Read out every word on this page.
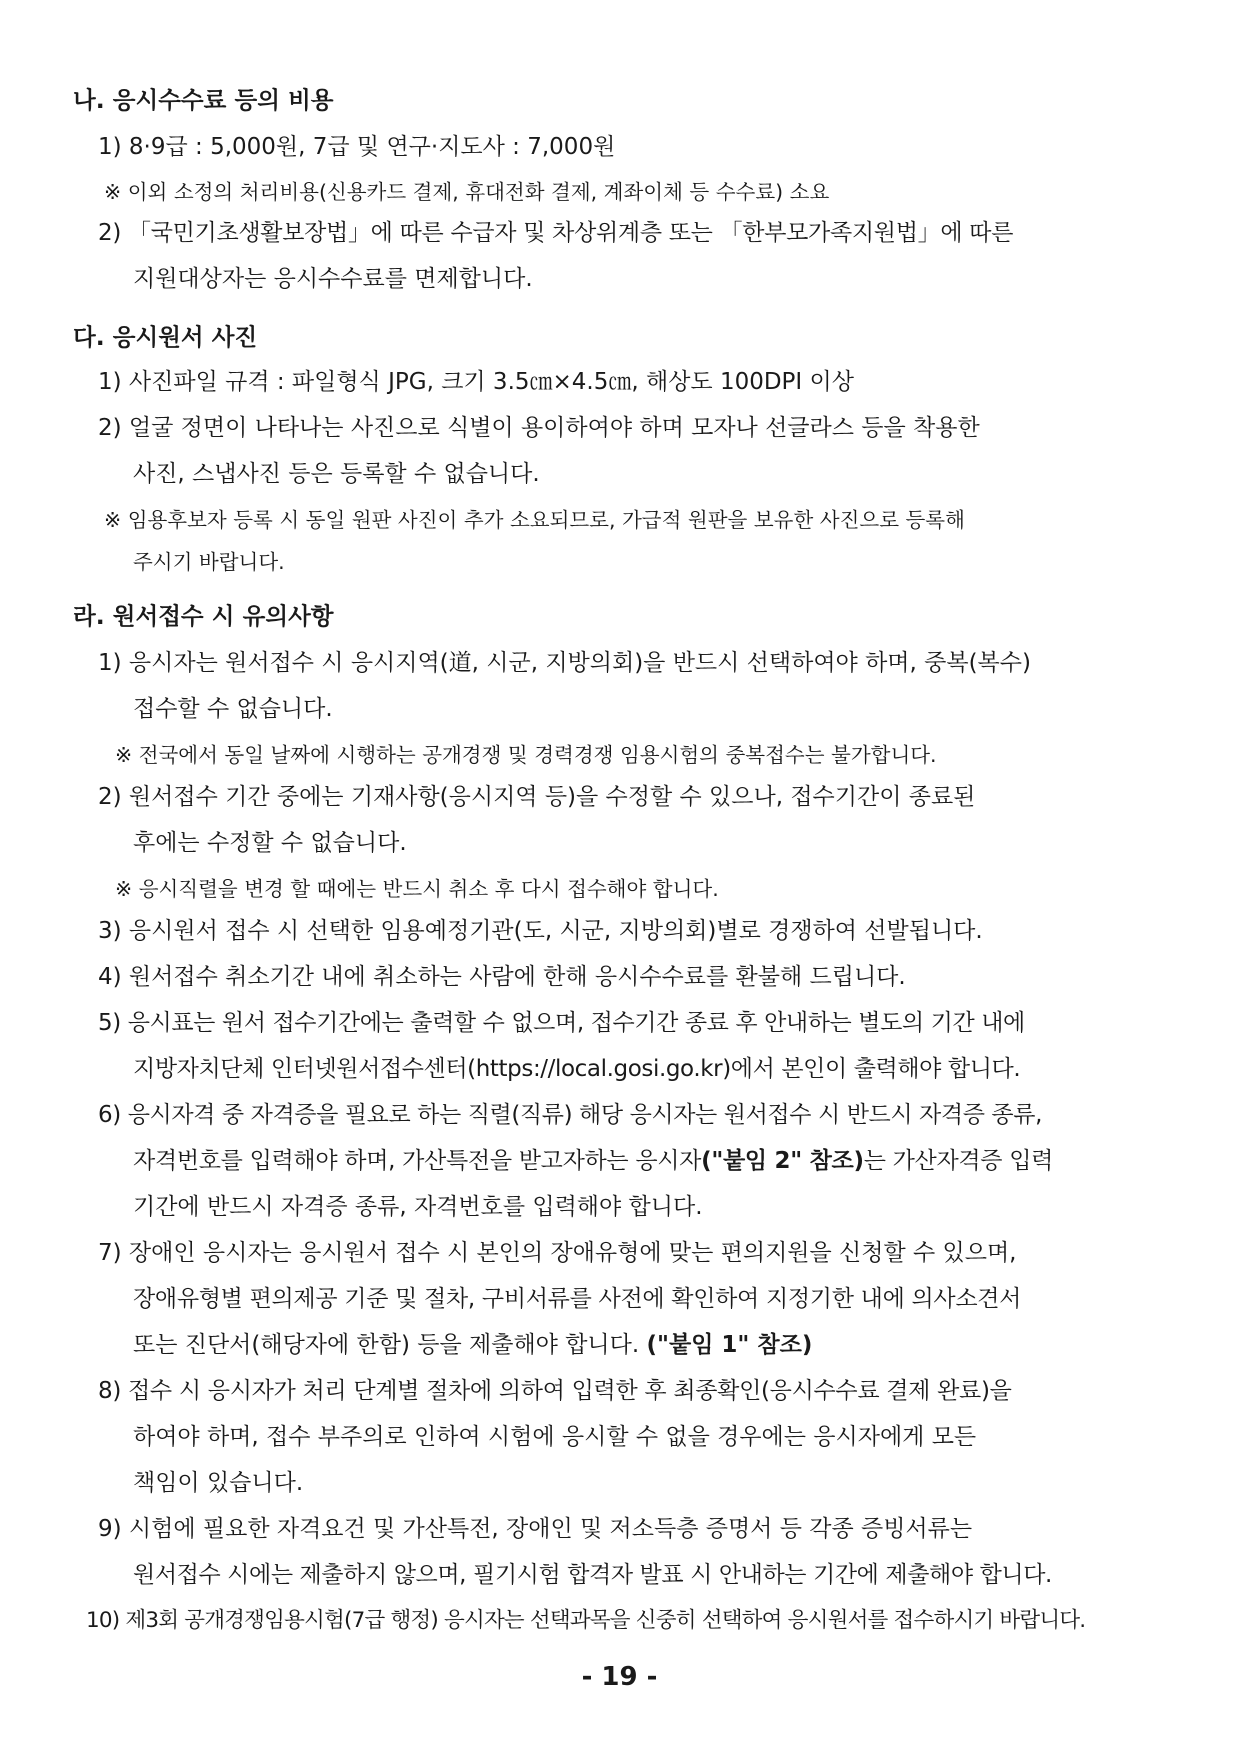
나. 응시수수료 등의 비용
1) 8·9급 : 5,000원, 7급 및 연구·지도사 : 7,000원
※ 이외 소정의 처리비용(신용카드 결제, 휴대전화 결제, 계좌이체 등 수수료) 소요
2) 「국민기초생활보장법」에 따른 수급자 및 차상위계층 또는 「한부모가족지원법」에 따른
지원대상자는 응시수수료를 면제합니다.
다. 응시원서 사진
1) 사진파일 규격 : 파일형식 JPG, 크기 3.5㎝×4.5㎝, 해상도 100DPI 이상
2) 얼굴 정면이 나타나는 사진으로 식별이 용이하여야 하며 모자나 선글라스 등을 착용한
사진, 스냅사진 등은 등록할 수 없습니다.
※ 임용후보자 등록 시 동일 원판 사진이 추가 소요되므로, 가급적 원판을 보유한 사진으로 등록해
주시기 바랍니다.
라. 원서접수 시 유의사항
1) 응시자는 원서접수 시 응시지역(道, 시군, 지방의회)을 반드시 선택하여야 하며, 중복(복수)
접수할 수 없습니다.
※ 전국에서 동일 날짜에 시행하는 공개경쟁 및 경력경쟁 임용시험의 중복접수는 불가합니다.
2) 원서접수 기간 중에는 기재사항(응시지역 등)을 수정할 수 있으나, 접수기간이 종료된
후에는 수정할 수 없습니다.
※ 응시직렬을 변경 할 때에는 반드시 취소 후 다시 접수해야 합니다.
3) 응시원서 접수 시 선택한 임용예정기관(도, 시군, 지방의회)별로 경쟁하여 선발됩니다.
4) 원서접수 취소기간 내에 취소하는 사람에 한해 응시수수료를 환불해 드립니다.
5) 응시표는 원서 접수기간에는 출력할 수 없으며, 접수기간 종료 후 안내하는 별도의 기간 내에
지방자치단체 인터넷원서접수센터(https://local.gosi.go.kr)에서 본인이 출력해야 합니다.
6) 응시자격 중 자격증을 필요로 하는 직렬(직류) 해당 응시자는 원서접수 시 반드시 자격증 종류,
자격번호를 입력해야 하며, 가산특전을 받고자하는 응시자("붙임 2" 참조)는 가산자격증 입력
기간에 반드시 자격증 종류, 자격번호를 입력해야 합니다.
7) 장애인 응시자는 응시원서 접수 시 본인의 장애유형에 맞는 편의지원을 신청할 수 있으며,
장애유형별 편의제공 기준 및 절차, 구비서류를 사전에 확인하여 지정기한 내에 의사소견서
또는 진단서(해당자에 한함) 등을 제출해야 합니다. ("붙임 1" 참조)
8) 접수 시 응시자가 처리 단계별 절차에 의하여 입력한 후 최종확인(응시수수료 결제 완료)을
하여야 하며, 접수 부주의로 인하여 시험에 응시할 수 없을 경우에는 응시자에게 모든
책임이 있습니다.
9) 시험에 필요한 자격요건 및 가산특전, 장애인 및 저소득층 증명서 등 각종 증빙서류는
원서접수 시에는 제출하지 않으며, 필기시험 합격자 발표 시 안내하는 기간에 제출해야 합니다.
10) 제3회 공개경쟁임용시험(7급 행정) 응시자는 선택과목을 신중히 선택하여 응시원서를 접수하시기 바랍니다.
- 19 -
